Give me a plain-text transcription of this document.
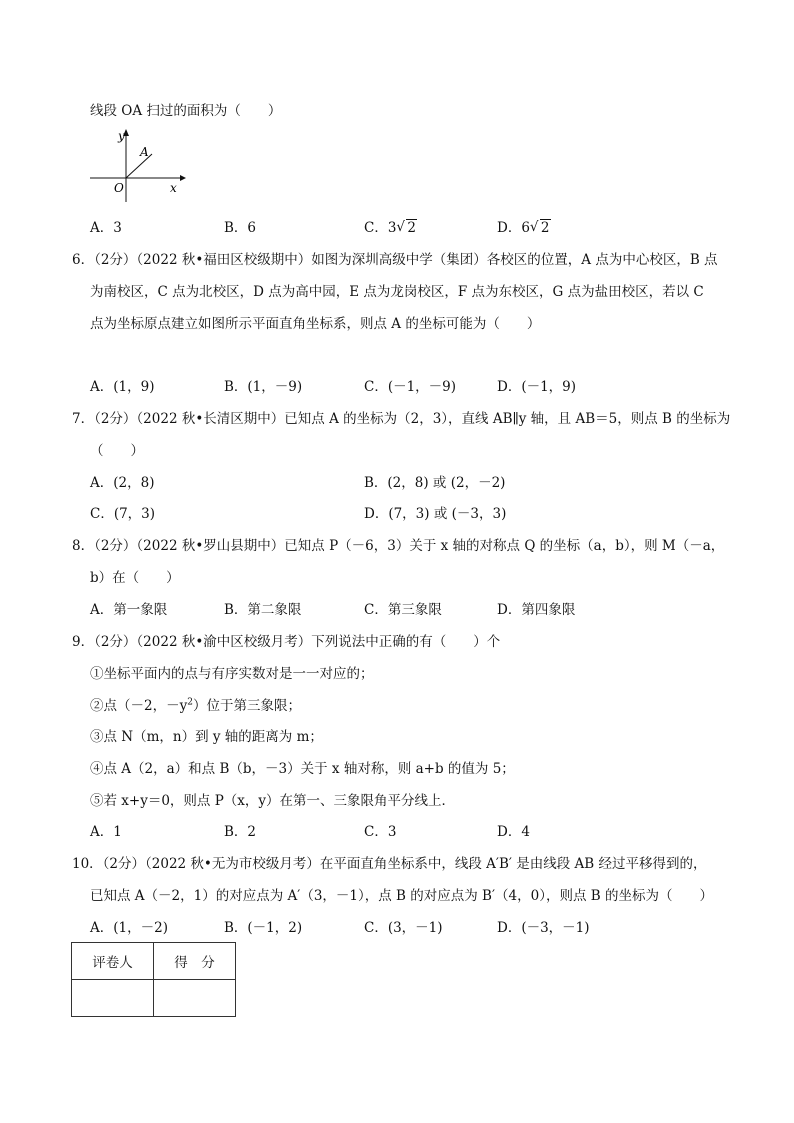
线段 OA 扫过的面积为（　　）
y
x
A
O
A．3	B．6	C．3 √ 2	D．6 √ 2
6．（2分）（2022 秋•福田区校级期中）如图为深圳高级中学（集团）各校区的位置，A 点为中心校区，B 点
为南校区，C 点为北校区，D 点为高中园，E 点为龙岗校区，F 点为东校区，G 点为盐田校区，若以 C
点为坐标原点建立如图所示平面直角坐标系，则点 A 的坐标可能为（　　）
A．(1，9)	B．(1，－9)	C．(－1，－9)	D．(－1，9)
7．（2分）（2022 秋•长清区期中）已知点 A 的坐标为（2，3），直线 AB∥y 轴，且 AB＝5，则点 B 的坐标为
（　　）
A．(2，8)	B．(2，8) 或 (2，－2)
C．(7，3)	D．(7，3) 或 (－3，3)
8．（2分）（2022 秋•罗山县期中）已知点 P（－6，3）关于 x 轴的对称点 Q 的坐标（a，b），则 M（－a，
b）在（　　）
A．第一象限	B．第二象限	C．第三象限	D．第四象限
9．（2分）（2022 秋•渝中区校级月考）下列说法中正确的有（　　）个
①坐标平面内的点与有序实数对是一一对应的；
②点（－2，$-y^2$）位于第三象限；
③点 N（m，n）到 y 轴的距离为 m；
④点 A（2，a）和点 B（b，－3）关于 x 轴对称，则 a+b 的值为 5；
⑤若 x+y＝0，则点 P（x，y）在第一、三象限角平分线上．
A．1	B．2	C．3	D．4
10．（2分）（2022 秋•无为市校级月考）在平面直角坐标系中，线段 A′B′ 是由线段 AB 经过平移得到的，
已知点 A（－2，1）的对应点为 A′（3，－1），点 B 的对应点为 B′（4，0），则点 B 的坐标为（　　）
A．(1，－2)	B．(－1，2)	C．(3，－1)	D．(－3，－1)
评卷人	得　分
